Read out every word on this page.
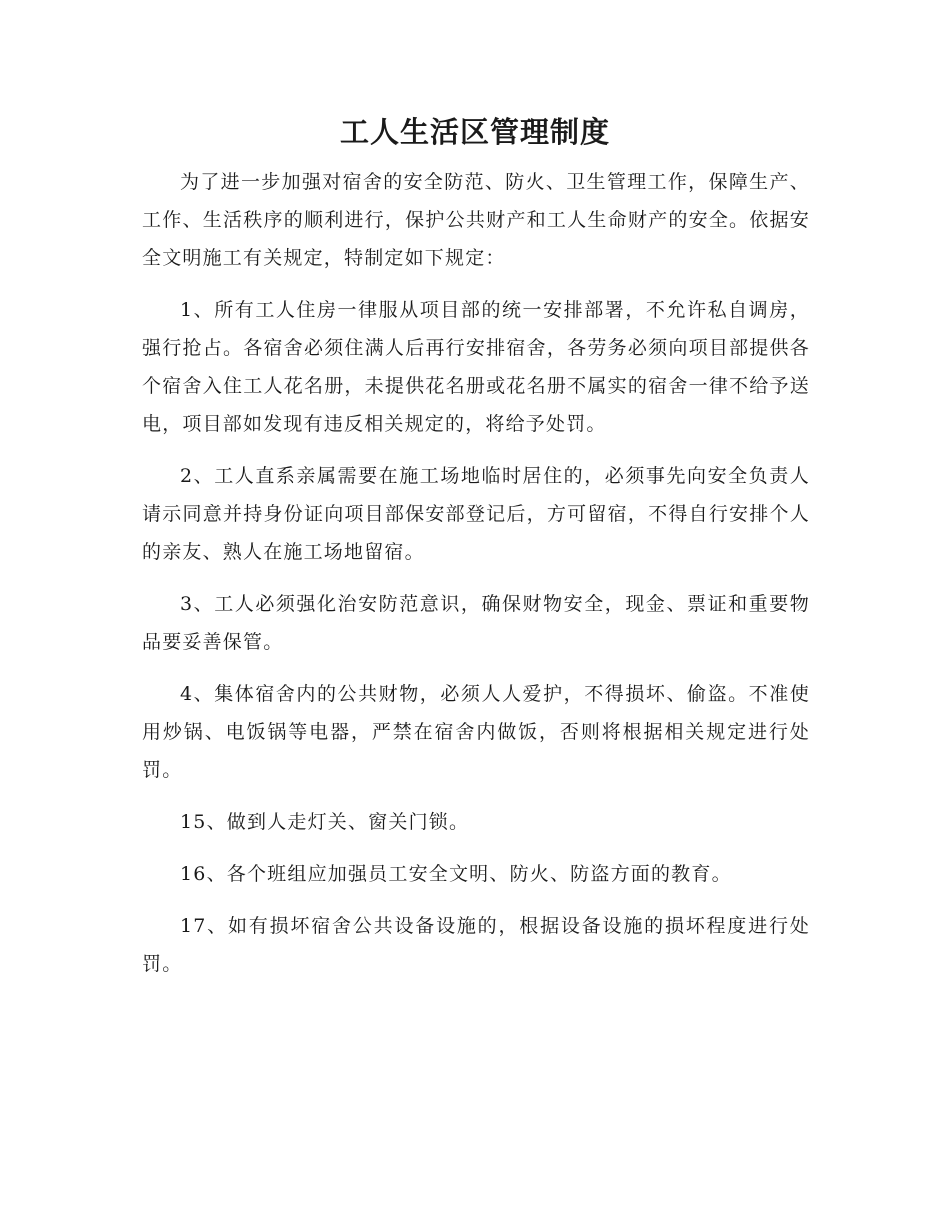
工人生活区管理制度

为了进一步加强对宿舍的安全防范、防火、卫生管理工作，保障生产、工作、生活秩序的顺利进行，保护公共财产和工人生命财产的安全。依据安全文明施工有关规定，特制定如下规定：

1、所有工人住房一律服从项目部的统一安排部署，不允许私自调房，强行抢占。各宿舍必须住满人后再行安排宿舍，各劳务必须向项目部提供各个宿舍入住工人花名册，未提供花名册或花名册不属实的宿舍一律不给予送电，项目部如发现有违反相关规定的，将给予处罚。

2、工人直系亲属需要在施工场地临时居住的，必须事先向安全负责人请示同意并持身份证向项目部保安部登记后，方可留宿，不得自行安排个人的亲友、熟人在施工场地留宿。

3、工人必须强化治安防范意识，确保财物安全，现金、票证和重要物品要妥善保管。

4、集体宿舍内的公共财物，必须人人爱护，不得损坏、偷盗。不准使用炒锅、电饭锅等电器，严禁在宿舍内做饭，否则将根据相关规定进行处罚。

15、做到人走灯关、窗关门锁。

16、各个班组应加强员工安全文明、防火、防盗方面的教育。

17、如有损坏宿舍公共设备设施的，根据设备设施的损坏程度进行处罚。
